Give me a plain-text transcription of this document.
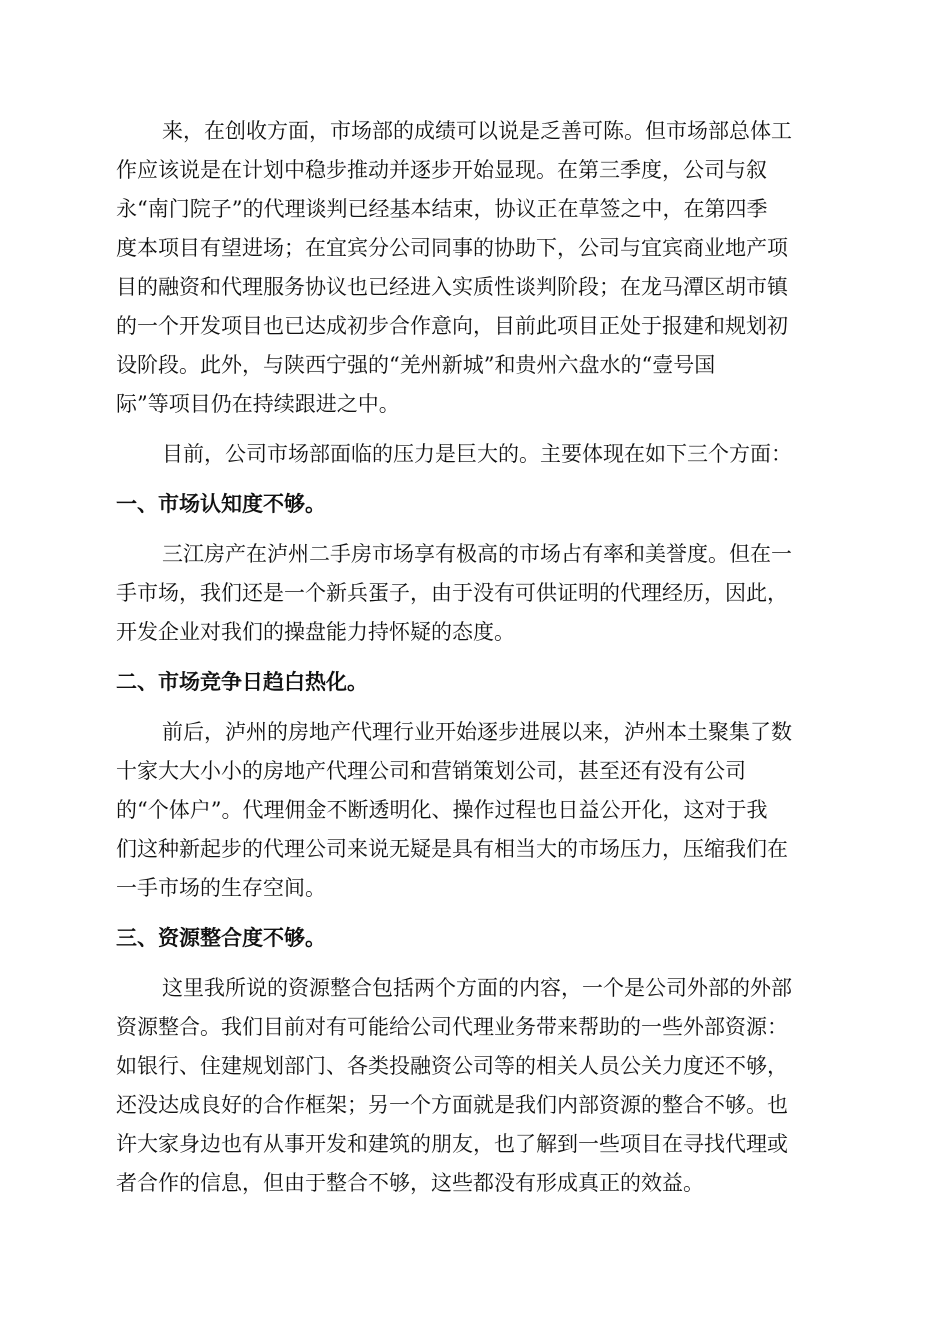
来，在创收方面，市场部的成绩可以说是乏善可陈。但市场部总体工
作应该说是在计划中稳步推动并逐步开始显现。在第三季度，公司与叙
永“南门院子”的代理谈判已经基本结束，协议正在草签之中，在第四季
度本项目有望进场；在宜宾分公司同事的协助下，公司与宜宾商业地产项
目的融资和代理服务协议也已经进入实质性谈判阶段；在龙马潭区胡市镇
的一个开发项目也已达成初步合作意向，目前此项目正处于报建和规划初
设阶段。此外，与陕西宁强的“羌州新城”和贵州六盘水的“壹号国
际”等项目仍在持续跟进之中。

目前，公司市场部面临的压力是巨大的。主要体现在如下三个方面：

一、市场认知度不够。

三江房产在泸州二手房市场享有极高的市场占有率和美誉度。但在一
手市场，我们还是一个新兵蛋子，由于没有可供证明的代理经历，因此，
开发企业对我们的操盘能力持怀疑的态度。

二、市场竞争日趋白热化。

前后，泸州的房地产代理行业开始逐步进展以来，泸州本土聚集了数
十家大大小小的房地产代理公司和营销策划公司，甚至还有没有公司
的“个体户”。代理佣金不断透明化、操作过程也日益公开化，这对于我
们这种新起步的代理公司来说无疑是具有相当大的市场压力，压缩我们在
一手市场的生存空间。

三、资源整合度不够。

这里我所说的资源整合包括两个方面的内容，一个是公司外部的外部
资源整合。我们目前对有可能给公司代理业务带来帮助的一些外部资源：
如银行、住建规划部门、各类投融资公司等的相关人员公关力度还不够，
还没达成良好的合作框架；另一个方面就是我们内部资源的整合不够。也
许大家身边也有从事开发和建筑的朋友，也了解到一些项目在寻找代理或
者合作的信息，但由于整合不够，这些都没有形成真正的效益。
